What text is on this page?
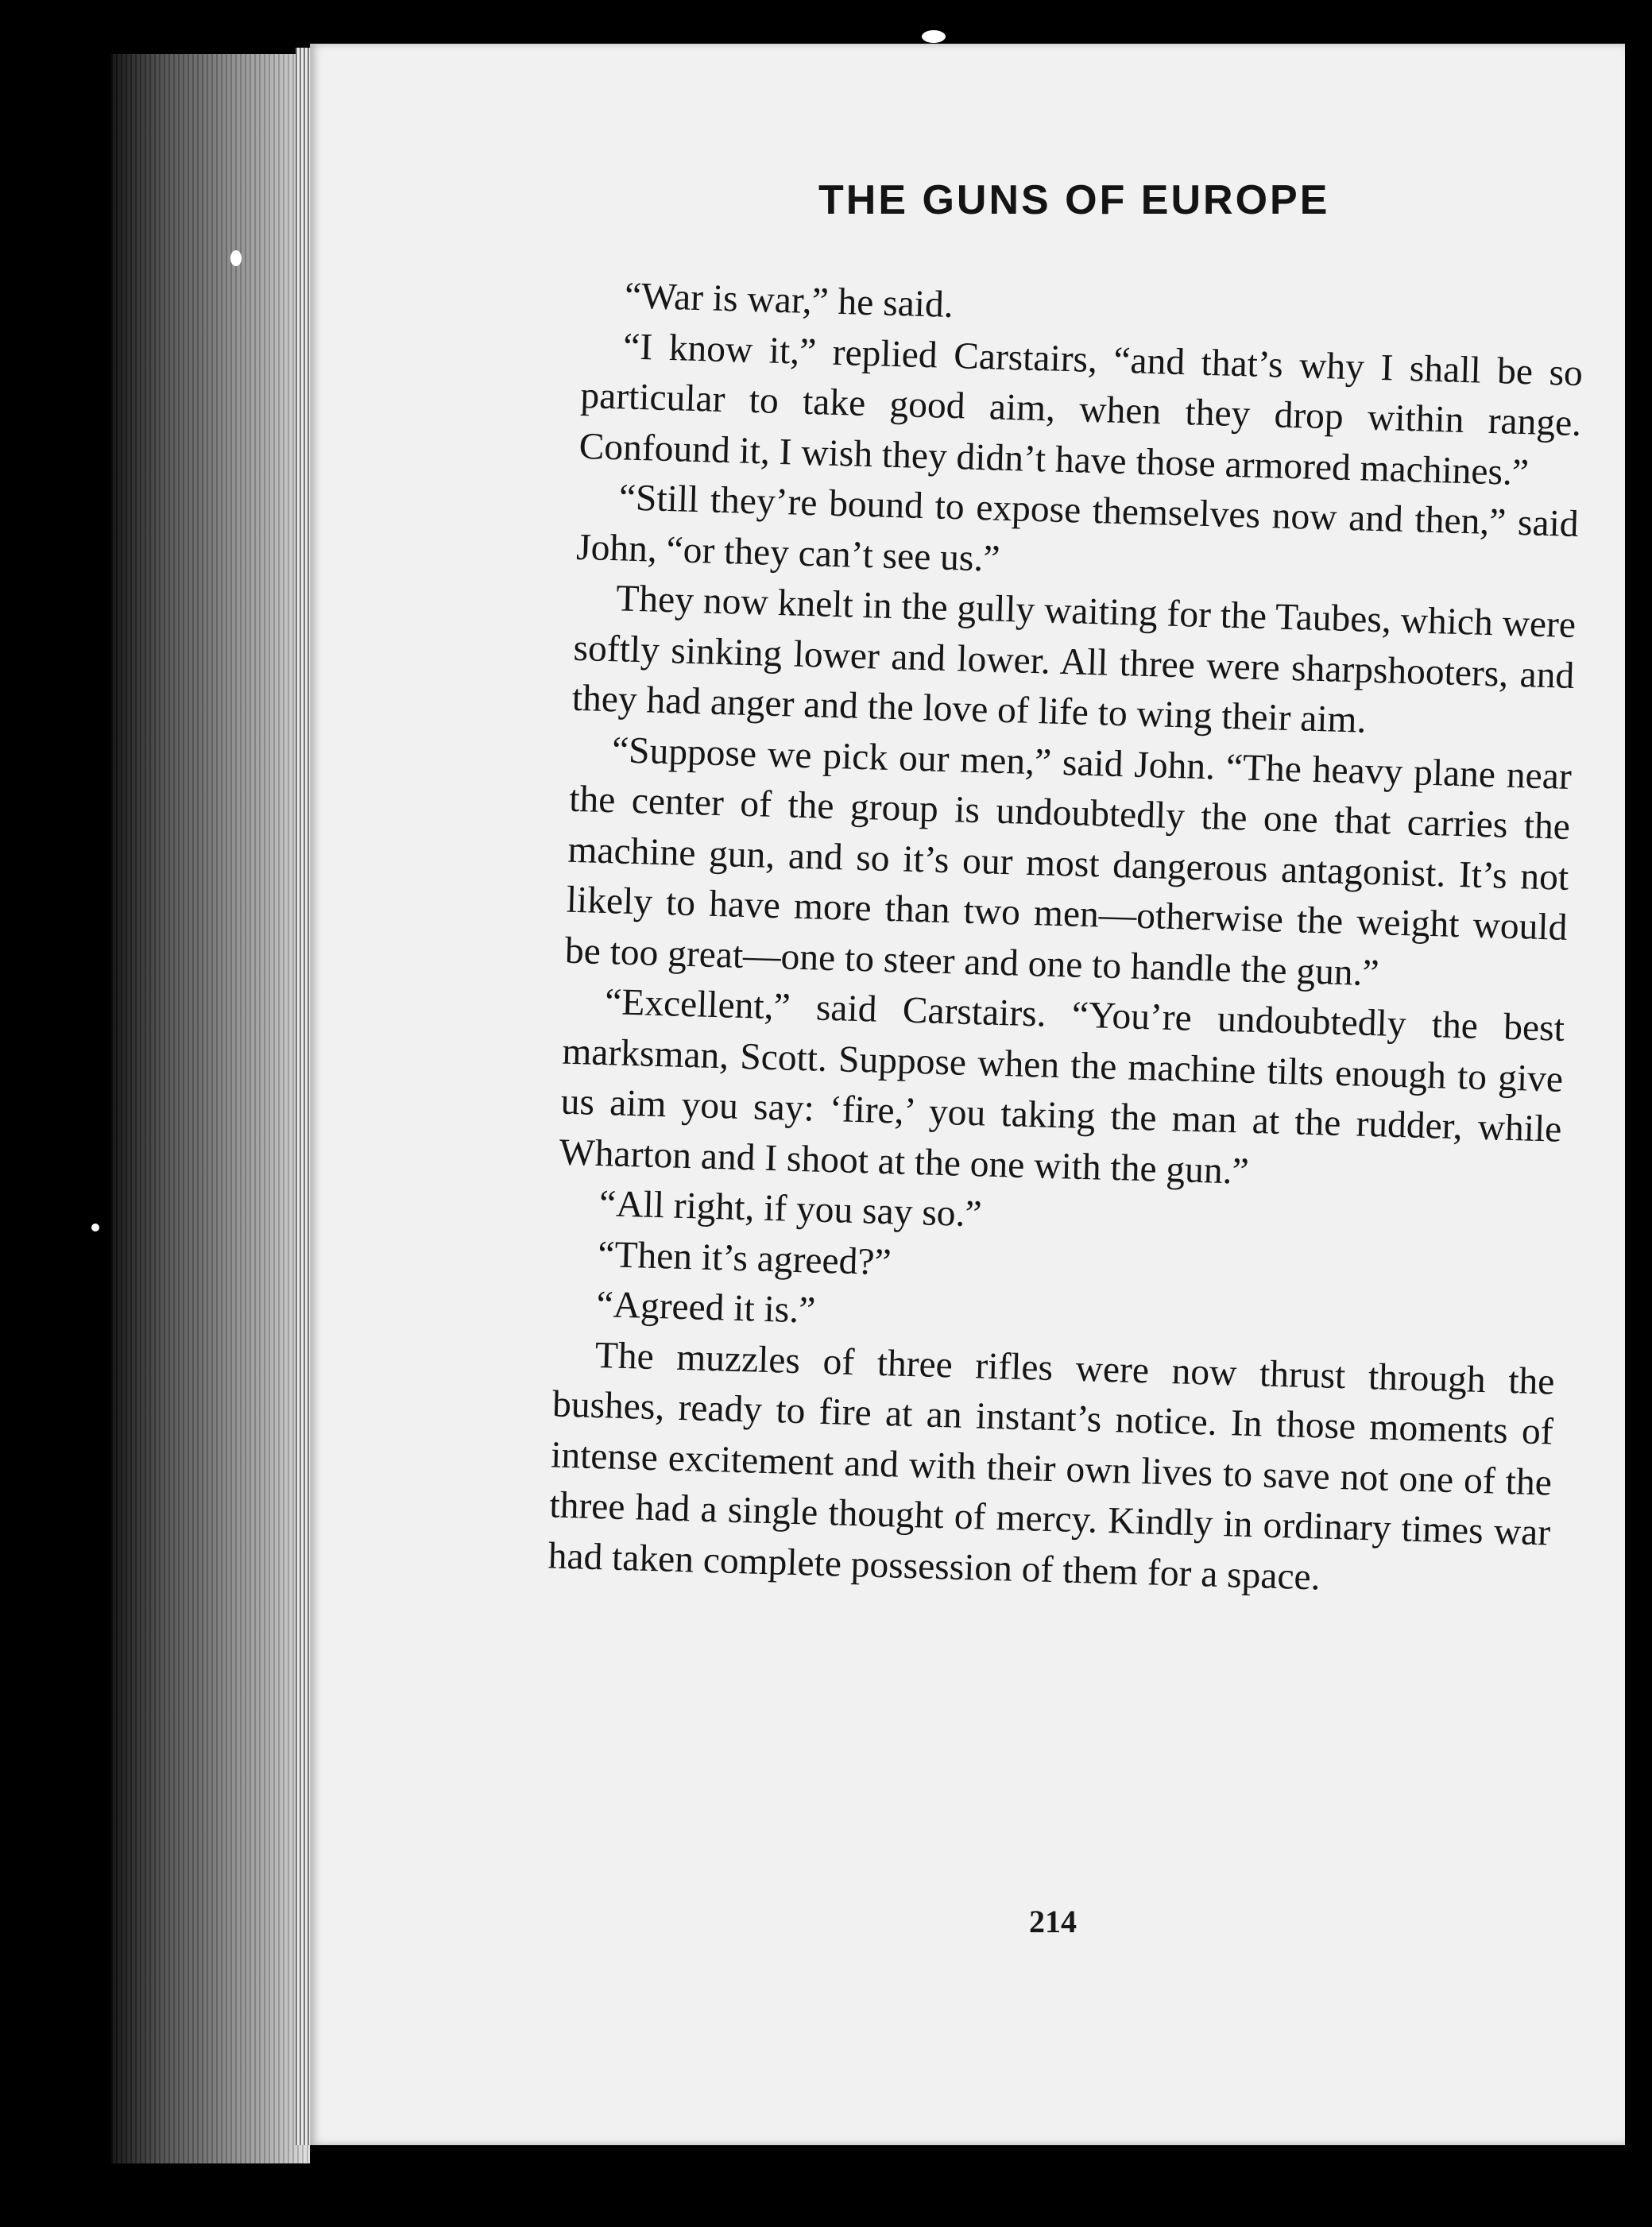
THE GUNS OF EUROPE

“War is war,” he said.

“I know it,” replied Carstairs, “and that’s why I shall be so particular to take good aim, when they drop within range. Confound it, I wish they didn’t have those armored machines.”

“Still they’re bound to expose themselves now and then,” said John, “or they can’t see us.”

They now knelt in the gully waiting for the Taubes, which were softly sinking lower and lower. All three were sharpshooters, and they had anger and the love of life to wing their aim.

“Suppose we pick our men,” said John. “The heavy plane near the center of the group is undoubtedly the one that carries the machine gun, and so it’s our most dangerous antagonist. It’s not likely to have more than two men—otherwise the weight would be too great—one to steer and one to handle the gun.”

“Excellent,” said Carstairs. “You’re undoubtedly the best marksman, Scott. Suppose when the machine tilts enough to give us aim you say: ‘fire,’ you taking the man at the rudder, while Wharton and I shoot at the one with the gun.”

“All right, if you say so.”

“Then it’s agreed?”

“Agreed it is.”

The muzzles of three rifles were now thrust through the bushes, ready to fire at an instant’s notice. In those moments of intense excitement and with their own lives to save not one of the three had a single thought of mercy. Kindly in ordinary times war had taken complete possession of them for a space.

214
